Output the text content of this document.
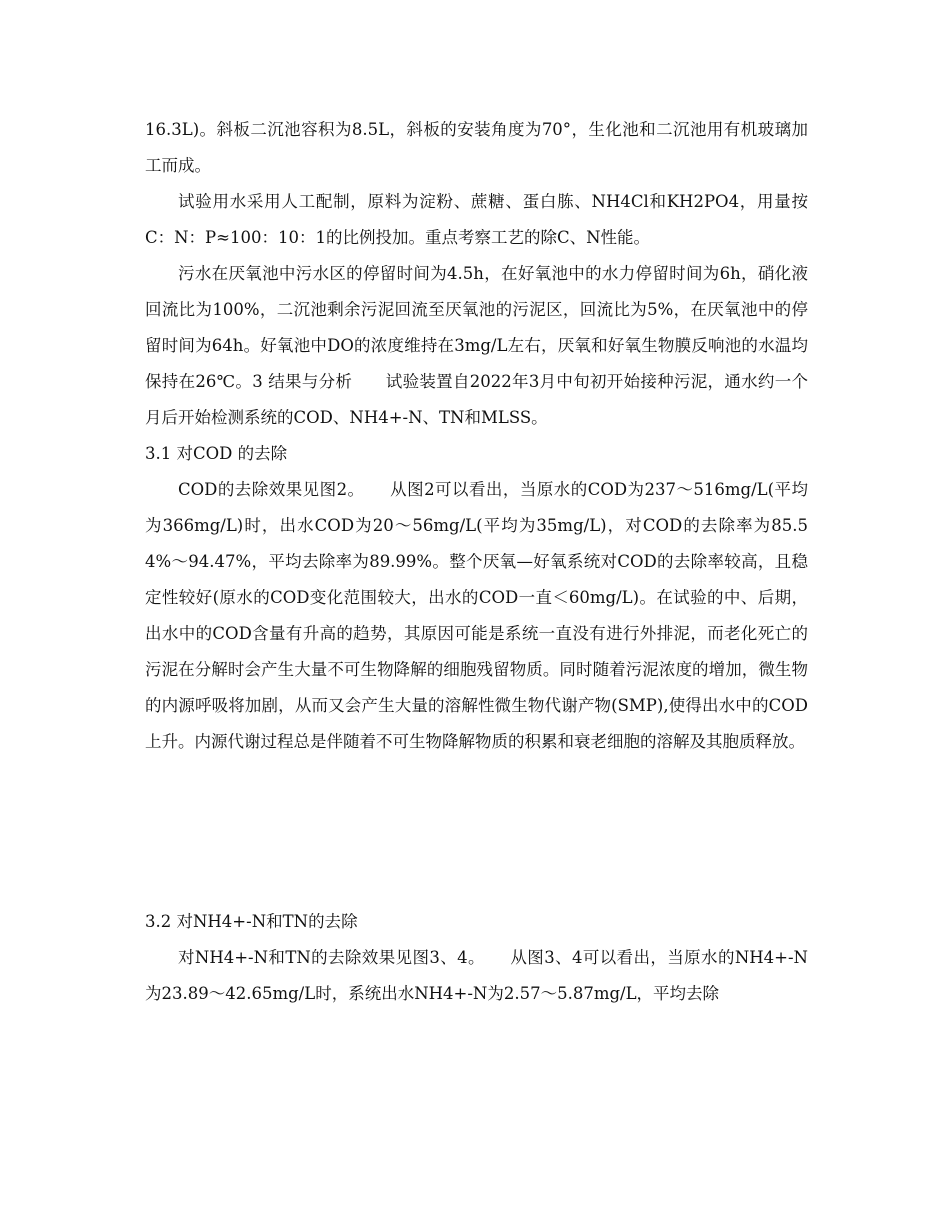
16.3L)。斜板二沉池容积为8.5L，斜板的安装角度为70°，生化池和二沉池用有机玻璃加工而成。

试验用水采用人工配制，原料为淀粉、蔗糖、蛋白胨、NH4Cl和KH2PO4，用量按C：N：P≈100：10：1的比例投加。重点考察工艺的除C、N性能。

污水在厌氧池中污水区的停留时间为4.5h，在好氧池中的水力停留时间为6h，硝化液回流比为100%，二沉池剩余污泥回流至厌氧池的污泥区，回流比为5%，在厌氧池中的停留时间为64h。好氧池中DO的浓度维持在3mg/L左右，厌氧和好氧生物膜反响池的水温均保持在26℃。3 结果与分析　　试验装置自2022年3月中旬初开始接种污泥，通水约一个月后开始检测系统的COD、NH4+-N、TN和MLSS。

3.1 对COD 的去除

COD的去除效果见图2。　　从图2可以看出，当原水的COD为237～516mg/L(平均为366mg/L)时，出水COD为20～56mg/L(平均为35mg/L)，对COD的去除率为85.54%～94.47%，平均去除率为89.99%。整个厌氧—好氧系统对COD的去除率较高，且稳定性较好(原水的COD变化范围较大，出水的COD一直＜60mg/L)。在试验的中、后期，出水中的COD含量有升高的趋势，其原因可能是系统一直没有进行外排泥，而老化死亡的污泥在分解时会产生大量不可生物降解的细胞残留物质。同时随着污泥浓度的增加，微生物的内源呼吸将加剧，从而又会产生大量的溶解性微生物代谢产物(SMP),使得出水中的COD上升。内源代谢过程总是伴随着不可生物降解物质的积累和衰老细胞的溶解及其胞质释放。

3.2 对NH4+-N和TN的去除

对NH4+-N和TN的去除效果见图3、4。　　从图3、4可以看出，当原水的NH4+-N为23.89～42.65mg/L时，系统出水NH4+-N为2.57～5.87mg/L，平均去除
